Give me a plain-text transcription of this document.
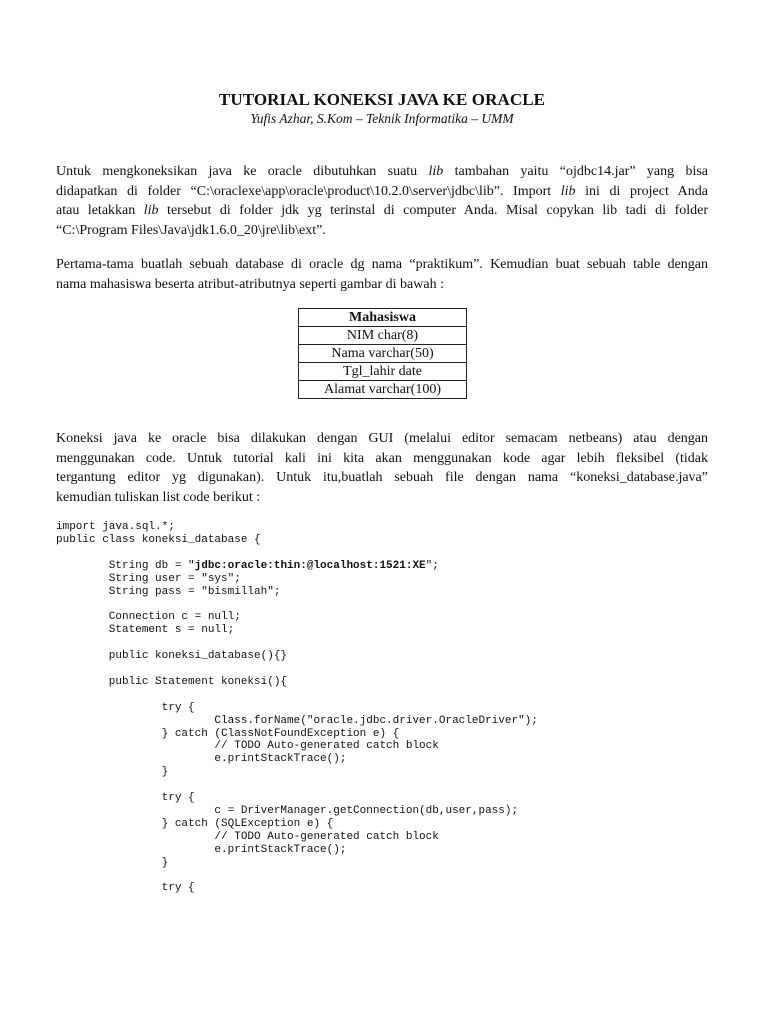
TUTORIAL KONEKSI JAVA KE ORACLE
Yufis Azhar, S.Kom – Teknik Informatika – UMM
Untuk mengkoneksikan java ke oracle dibutuhkan suatu lib tambahan yaitu “ojdbc14.jar” yang bisa
didapatkan di folder “C:\oraclexe\app\oracle\product\10.2.0\server\jdbc\lib”. Import lib ini di project Anda
atau letakkan lib tersebut di folder jdk yg terinstal di computer Anda. Misal copykan lib tadi di folder
“C:\Program Files\Java\jdk1.6.0_20\jre\lib\ext”.
Pertama-tama buatlah sebuah database di oracle dg nama “praktikum”. Kemudian buat sebuah table dengan
nama mahasiswa beserta atribut-atributnya seperti gambar di bawah :
Mahasiswa
NIM char(8)
Nama varchar(50)
Tgl_lahir date
Alamat varchar(100)
Koneksi java ke oracle bisa dilakukan dengan GUI (melalui editor semacam netbeans) atau dengan
menggunakan code. Untuk tutorial kali ini kita akan menggunakan kode agar lebih fleksibel (tidak
tergantung editor yg digunakan). Untuk itu,buatlah sebuah file dengan nama “koneksi_database.java”
kemudian tuliskan list code berikut :
import java.sql.*;
public class koneksi_database {

String db = "jdbc:oracle:thin:@localhost:1521:XE";
String user = "sys";
String pass = "bismillah";

Connection c = null;
Statement s = null;

public koneksi_database(){}

public Statement koneksi(){

try {
Class.forName("oracle.jdbc.driver.OracleDriver");
} catch (ClassNotFoundException e) {
// TODO Auto-generated catch block
e.printStackTrace();
}

try {
c = DriverManager.getConnection(db,user,pass);
} catch (SQLException e) {
// TODO Auto-generated catch block
e.printStackTrace();
}

try {
